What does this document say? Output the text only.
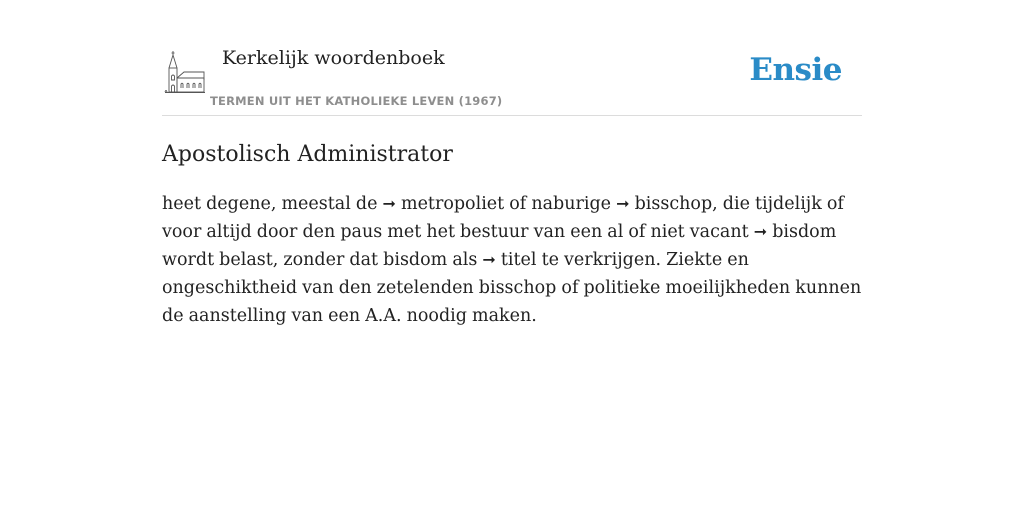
Kerkelijk woordenboek
TERMEN UIT HET KATHOLIEKE LEVEN (1967)
Ensie
Apostolisch Administrator

heet degene, meestal de ➞ metropoliet of naburige ➞ bisschop, die tijdelijk of voor altijd door den paus met het bestuur van een al of niet vacant ➞ bisdom wordt belast, zonder dat bisdom als ➞ titel te verkrijgen. Ziekte en ongeschiktheid van den zetelenden bisschop of politieke moeilijkheden kunnen de aanstelling van een A.A. noodig maken.
